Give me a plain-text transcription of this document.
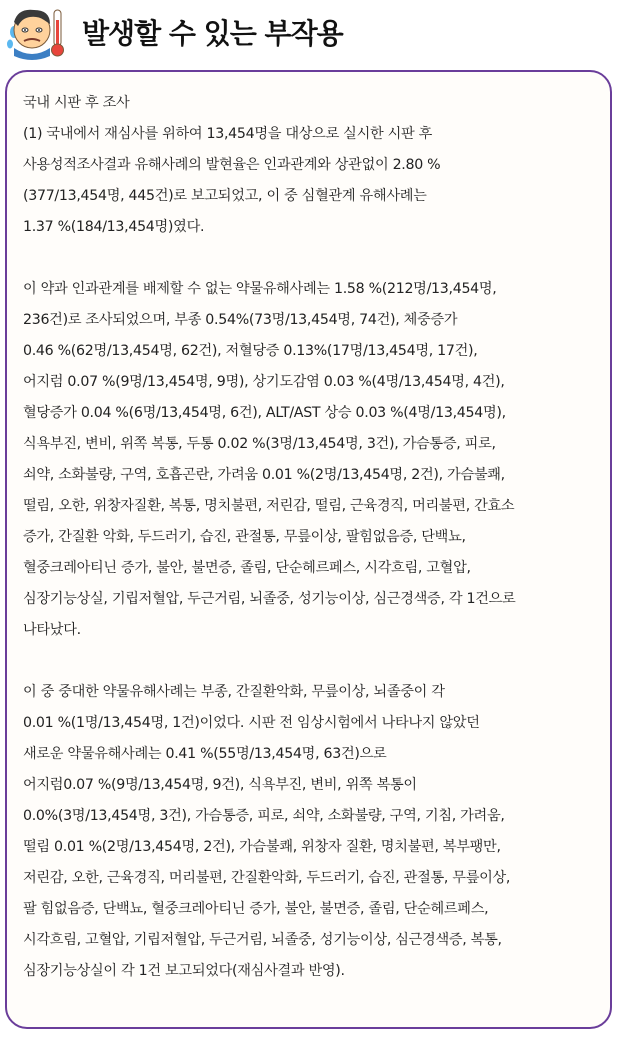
발생할 수 있는 부작용
국내 시판 후 조사
(1) 국내에서 재심사를 위하여 13,454명을 대상으로 실시한 시판 후
사용성적조사결과 유해사례의 발현율은 인과관계와 상관없이 2.80 %
(377/13,454명, 445건)로 보고되었고, 이 중 심혈관계 유해사례는
1.37 %(184/13,454명)였다.
이 약과 인과관계를 배제할 수 없는 약물유해사례는 1.58 %(212명/13,454명,
236건)로 조사되었으며, 부종 0.54%(73명/13,454명, 74건), 체중증가
0.46 %(62명/13,454명, 62건), 저혈당증 0.13%(17명/13,454명, 17건),
어지럼 0.07 %(9명/13,454명, 9명), 상기도감염 0.03 %(4명/13,454명, 4건),
혈당증가 0.04 %(6명/13,454명, 6건), ALT/AST 상승 0.03 %(4명/13,454명),
식욕부진, 변비, 위쪽 복통, 두통 0.02 %(3명/13,454명, 3건), 가슴통증, 피로,
쇠약, 소화불량, 구역, 호흡곤란, 가려움 0.01 %(2명/13,454명, 2건), 가슴불쾌,
떨림, 오한, 위창자질환, 복통, 명치불편, 저린감, 떨림, 근육경직, 머리불편, 간효소
증가, 간질환 악화, 두드러기, 습진, 관절통, 무릎이상, 팔힘없음증, 단백뇨,
혈중크레아티닌 증가, 불안, 불면증, 졸림, 단순헤르페스, 시각흐림, 고혈압,
심장기능상실, 기립저혈압, 두근거림, 뇌졸중, 성기능이상, 심근경색증, 각 1건으로
나타났다.
이 중 중대한 약물유해사례는 부종, 간질환악화, 무릎이상, 뇌졸중이 각
0.01 %(1명/13,454명, 1건)이었다. 시판 전 임상시험에서 나타나지 않았던
새로운 약물유해사례는 0.41 %(55명/13,454명, 63건)으로
어지럼0.07 %(9명/13,454명, 9건), 식욕부진, 변비, 위쪽 복통이
0.0%(3명/13,454명, 3건), 가슴통증, 피로, 쇠약, 소화불량, 구역, 기침, 가려움,
떨림 0.01 %(2명/13,454명, 2건), 가슴불쾌, 위창자 질환, 명치불편, 복부팽만,
저린감, 오한, 근육경직, 머리불편, 간질환악화, 두드러기, 습진, 관절통, 무릎이상,
팔 힘없음증, 단백뇨, 혈중크레아티닌 증가, 불안, 불면증, 졸림, 단순헤르페스,
시각흐림, 고혈압, 기립저혈압, 두근거림, 뇌졸중, 성기능이상, 심근경색증, 복통,
심장기능상실이 각 1건 보고되었다(재심사결과 반영).
